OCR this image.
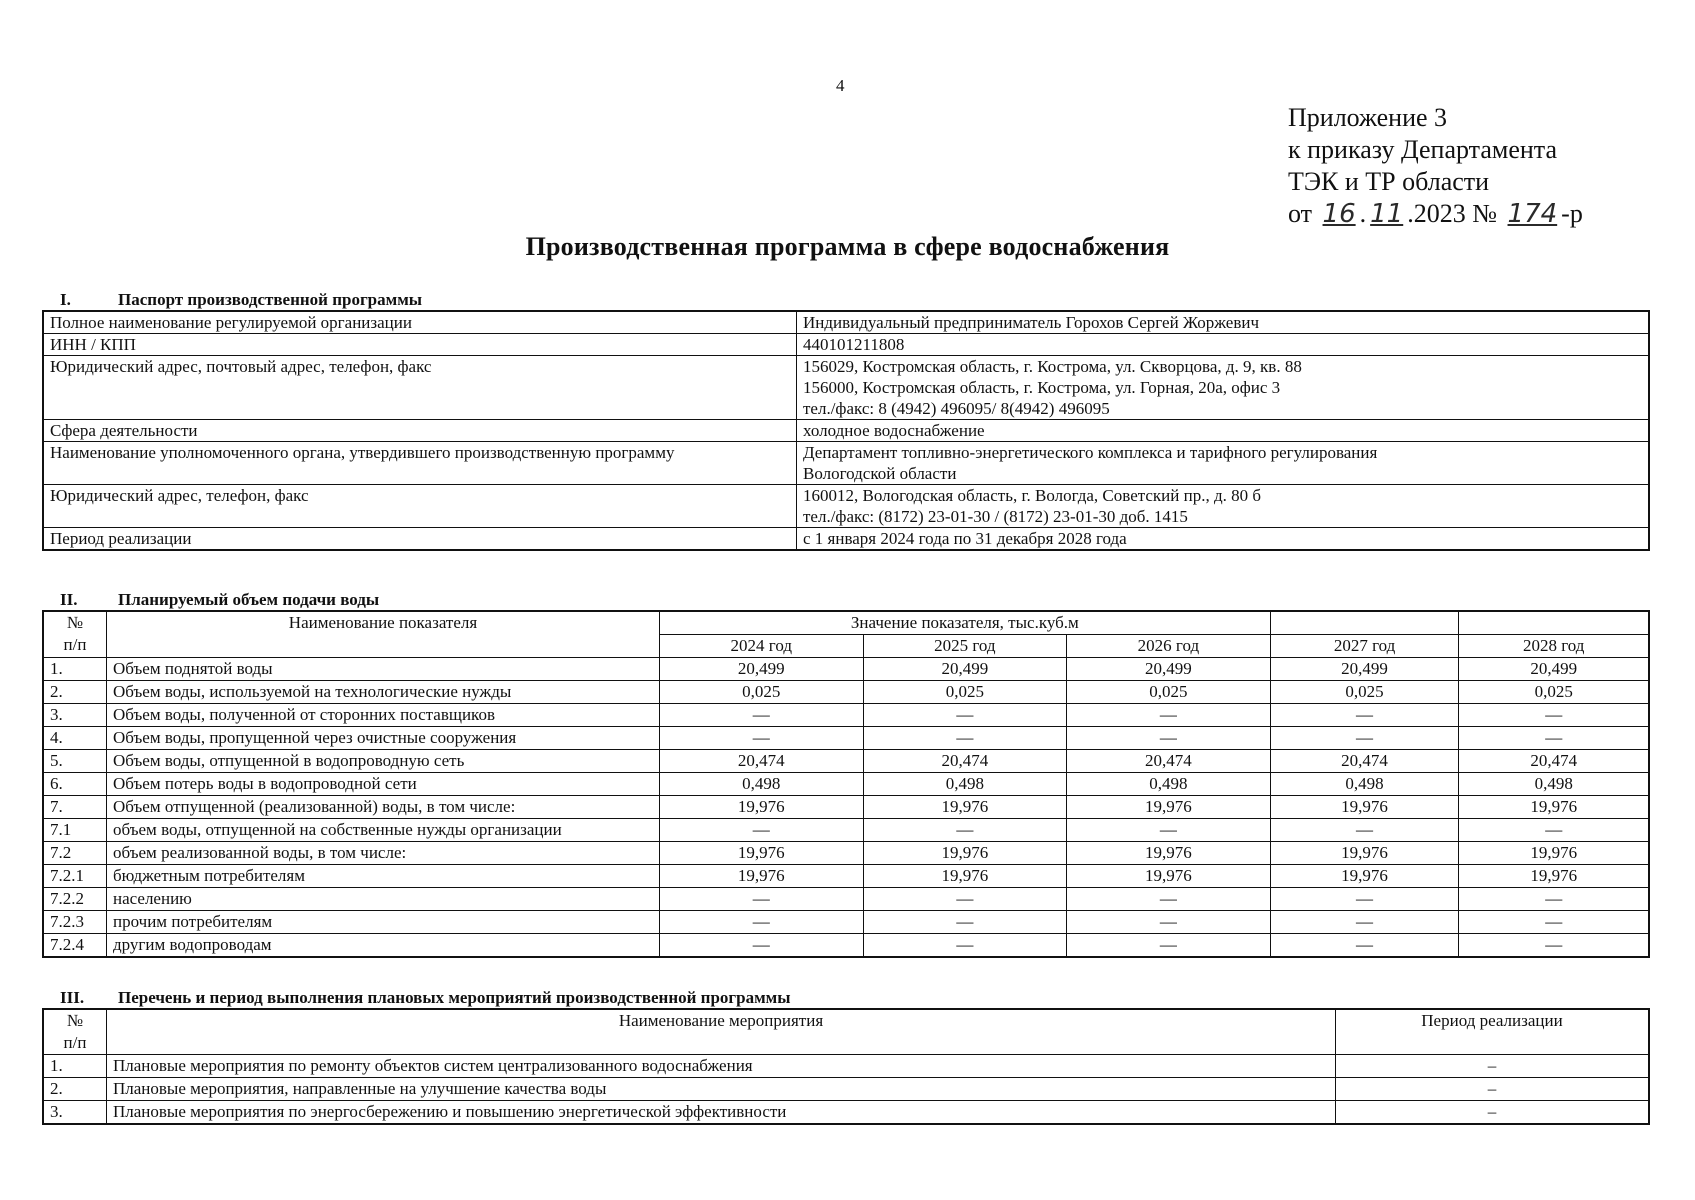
4
Приложение 3
к приказу Департамента
ТЭК и ТР области
от 16 . 11 .2023 № 174 -р
Производственная программа в сфере водоснабжения
I.	Паспорт производственной программы
Полное наименование регулируемой организации	Индивидуальный предприниматель Горохов Сергей Жоржевич

ИНН / КПП	440101211808

Юридический адрес, почтовый адрес, телефон, факс	156029, Костромская область, г. Кострома, ул. Скворцова, д. 9, кв. 88
156000, Костромская область, г. Кострома, ул. Горная, 20а, офис 3
тел./факс: 8 (4942) 496095/ 8(4942) 496095

Сфера деятельности	холодное водоснабжение

Наименование уполномоченного органа, утвердившего производственную программу	Департамент топливно-энергетического комплекса и тарифного регулирования
Вологодской области

Юридический адрес, телефон, факс	160012, Вологодская область, г. Вологда, Советский пр., д. 80 б
тел./факс: (8172) 23-01-30 / (8172) 23-01-30 доб. 1415

Период реализации	с 1 января 2024 года по 31 декабря 2028 года
II. Планируемый объем подачи воды
№
п/п	Наименование показателя	Значение показателя, тыс.куб.м				
		2024 год	2025 год	2026 год	2027 год	2028 год
1.	Объем поднятой воды	20,499	20,499	20,499	20,499	20,499
2.	Объем воды, используемой на технологические нужды	0,025	0,025	0,025	0,025	0,025
3.	Объем воды, полученной от сторонних поставщиков	—	—	—	—	—
4.	Объем воды, пропущенной через очистные сооружения	—	—	—	—	—
5.	Объем воды, отпущенной в водопроводную сеть	20,474	20,474	20,474	20,474	20,474
6.	Объем потерь воды в водопроводной сети	0,498	0,498	0,498	0,498	0,498
7.	Объем отпущенной (реализованной) воды, в том числе:	19,976	19,976	19,976	19,976	19,976
7.1	объем воды, отпущенной на собственные нужды организации	—	—	—	—	—
7.2	объем реализованной воды, в том числе:	19,976	19,976	19,976	19,976	19,976
7.2.1	бюджетным потребителям	19,976	19,976	19,976	19,976	19,976
7.2.2	населению	—	—	—	—	—
7.2.3	прочим потребителям	—	—	—	—	—
7.2.4	другим водопроводам	—	—	—	—	—
III. Перечень и период выполнения плановых мероприятий производственной программы
№
п/п	Наименование мероприятия	Период реализации
1.	Плановые мероприятия по ремонту объектов систем централизованного водоснабжения	–
2.	Плановые мероприятия, направленные на улучшение качества воды	–
3.	Плановые мероприятия по энергосбережению и повышению энергетической эффективности	–
